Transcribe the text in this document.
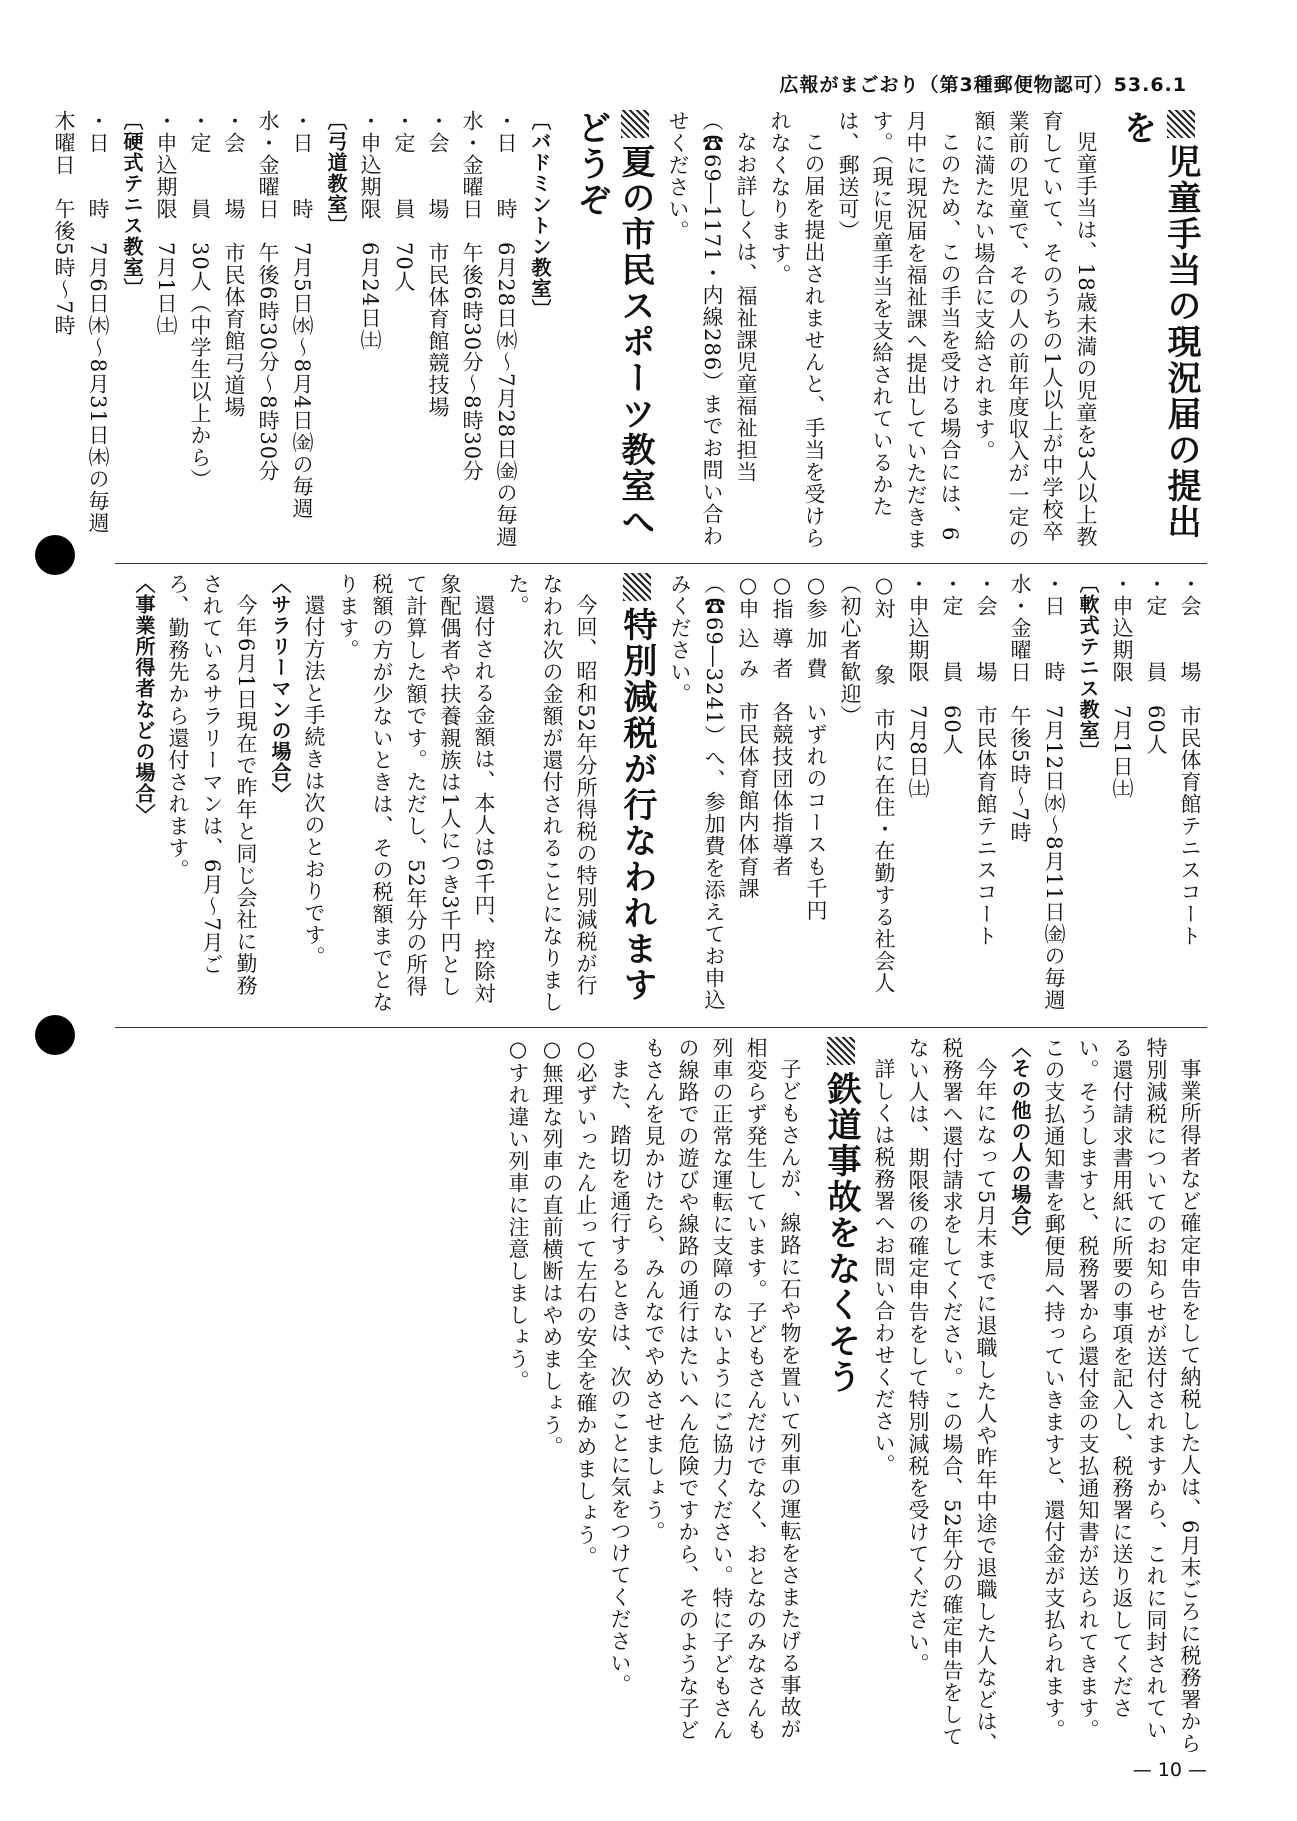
広報がまごおり（第3種郵便物認可）53.6.1

児童手当の現況届の提出を

児童手当は、18歳未満の児童を3人以上教育していて、そのうちの1人以上が中学校卒業前の児童で、その人の前年度収入が一定の額に満たない場合に支給されます。

このため、この手当を受ける場合には、6月中に現況届を福祉課へ提出していただきます。（現に児童手当を支給されているかたは、郵送可）

この届を提出されませんと、手当を受けられなくなります。

なお詳しくは、福祉課児童福祉担当（☎69―1171・内線286）までお問い合わせください。

夏の市民スポーツ教室へどうぞ

〔バドミントン教室〕

・日　　時　6月28日㈬～7月28日㈮の毎週水・金曜日　午後6時30分～8時30分

・会　　場　市民体育館競技場

・定　　員　70人

・申込期限　6月24日㈯

〔弓道教室〕

・日　　時　7月5日㈬～8月4日㈮の毎週水・金曜日　午後6時30分～8時30分

・会　　場　市民体育館弓道場

・定　　員　30人（中学生以上から）

・申込期限　7月1日㈯

〔硬式テニス教室〕

・日　　時　7月6日㈭～8月31日㈭の毎週木曜日　午後5時～7時

・会　　場　市民体育館テニスコート

・定　　員　60人

・申込期限　7月1日㈯

〔軟式テニス教室〕

・日　　時　7月12日㈬～8月11日㈮の毎週水・金曜日　午後5時～7時

・会　　場　市民体育館テニスコート

・定　　員　60人

・申込期限　7月8日㈯

○対　　象　市内に在住・在勤する社会人（初心者歓迎）

○参 加 費　いずれのコースも千円

○指 導 者　各競技団体指導者

○申 込 み　市民体育館内体育課（☎69―3241）へ、参加費を添えてお申込みください。

特別減税が行なわれます

今回、昭和52年分所得税の特別減税が行なわれ次の金額が還付されることになりました。

還付される金額は、本人は6千円、控除対象配偶者や扶養親族は1人につき3千円として計算した額です。ただし、52年分の所得税額の方が少ないときは、その税額までとなります。

還付方法と手続きは次のとおりです。

〈サラリーマンの場合〉

今年6月1日現在で昨年と同じ会社に勤務されているサラリーマンは、6月～7月ごろ、勤務先から還付されます。

〈事業所得者などの場合〉

事業所得者など確定申告をして納税した人は、6月末ごろに税務署から特別減税についてのお知らせが送付されますから、これに同封されている還付請求書用紙に所要の事項を記入し、税務署に送り返してください。そうしますと、税務署から還付金の支払通知書が送られてきます。この支払通知書を郵便局へ持っていきますと、還付金が支払られます。

〈その他の人の場合〉

今年になって5月末までに退職した人や昨年中途で退職した人などは、税務署へ還付請求をしてください。この場合、52年分の確定申告をしてない人は、期限後の確定申告をして特別減税を受けてください。

詳しくは税務署へお問い合わせください。

鉄道事故をなくそう

子どもさんが、線路に石や物を置いて列車の運転をさまたげる事故が相変らず発生しています。子どもさんだけでなく、おとなのみなさんも列車の正常な運転に支障のないようにご協力ください。特に子どもさんの線路での遊びや線路の通行はたいへん危険ですから、そのような子どもさんを見かけたら、みんなでやめさせましょう。

また、踏切を通行するときは、次のことに気をつけてください。

○必ずいったん止って左右の安全を確かめましょう。

○無理な列車の直前横断はやめましょう。

○すれ違い列車に注意しましょう。

— 10 —
